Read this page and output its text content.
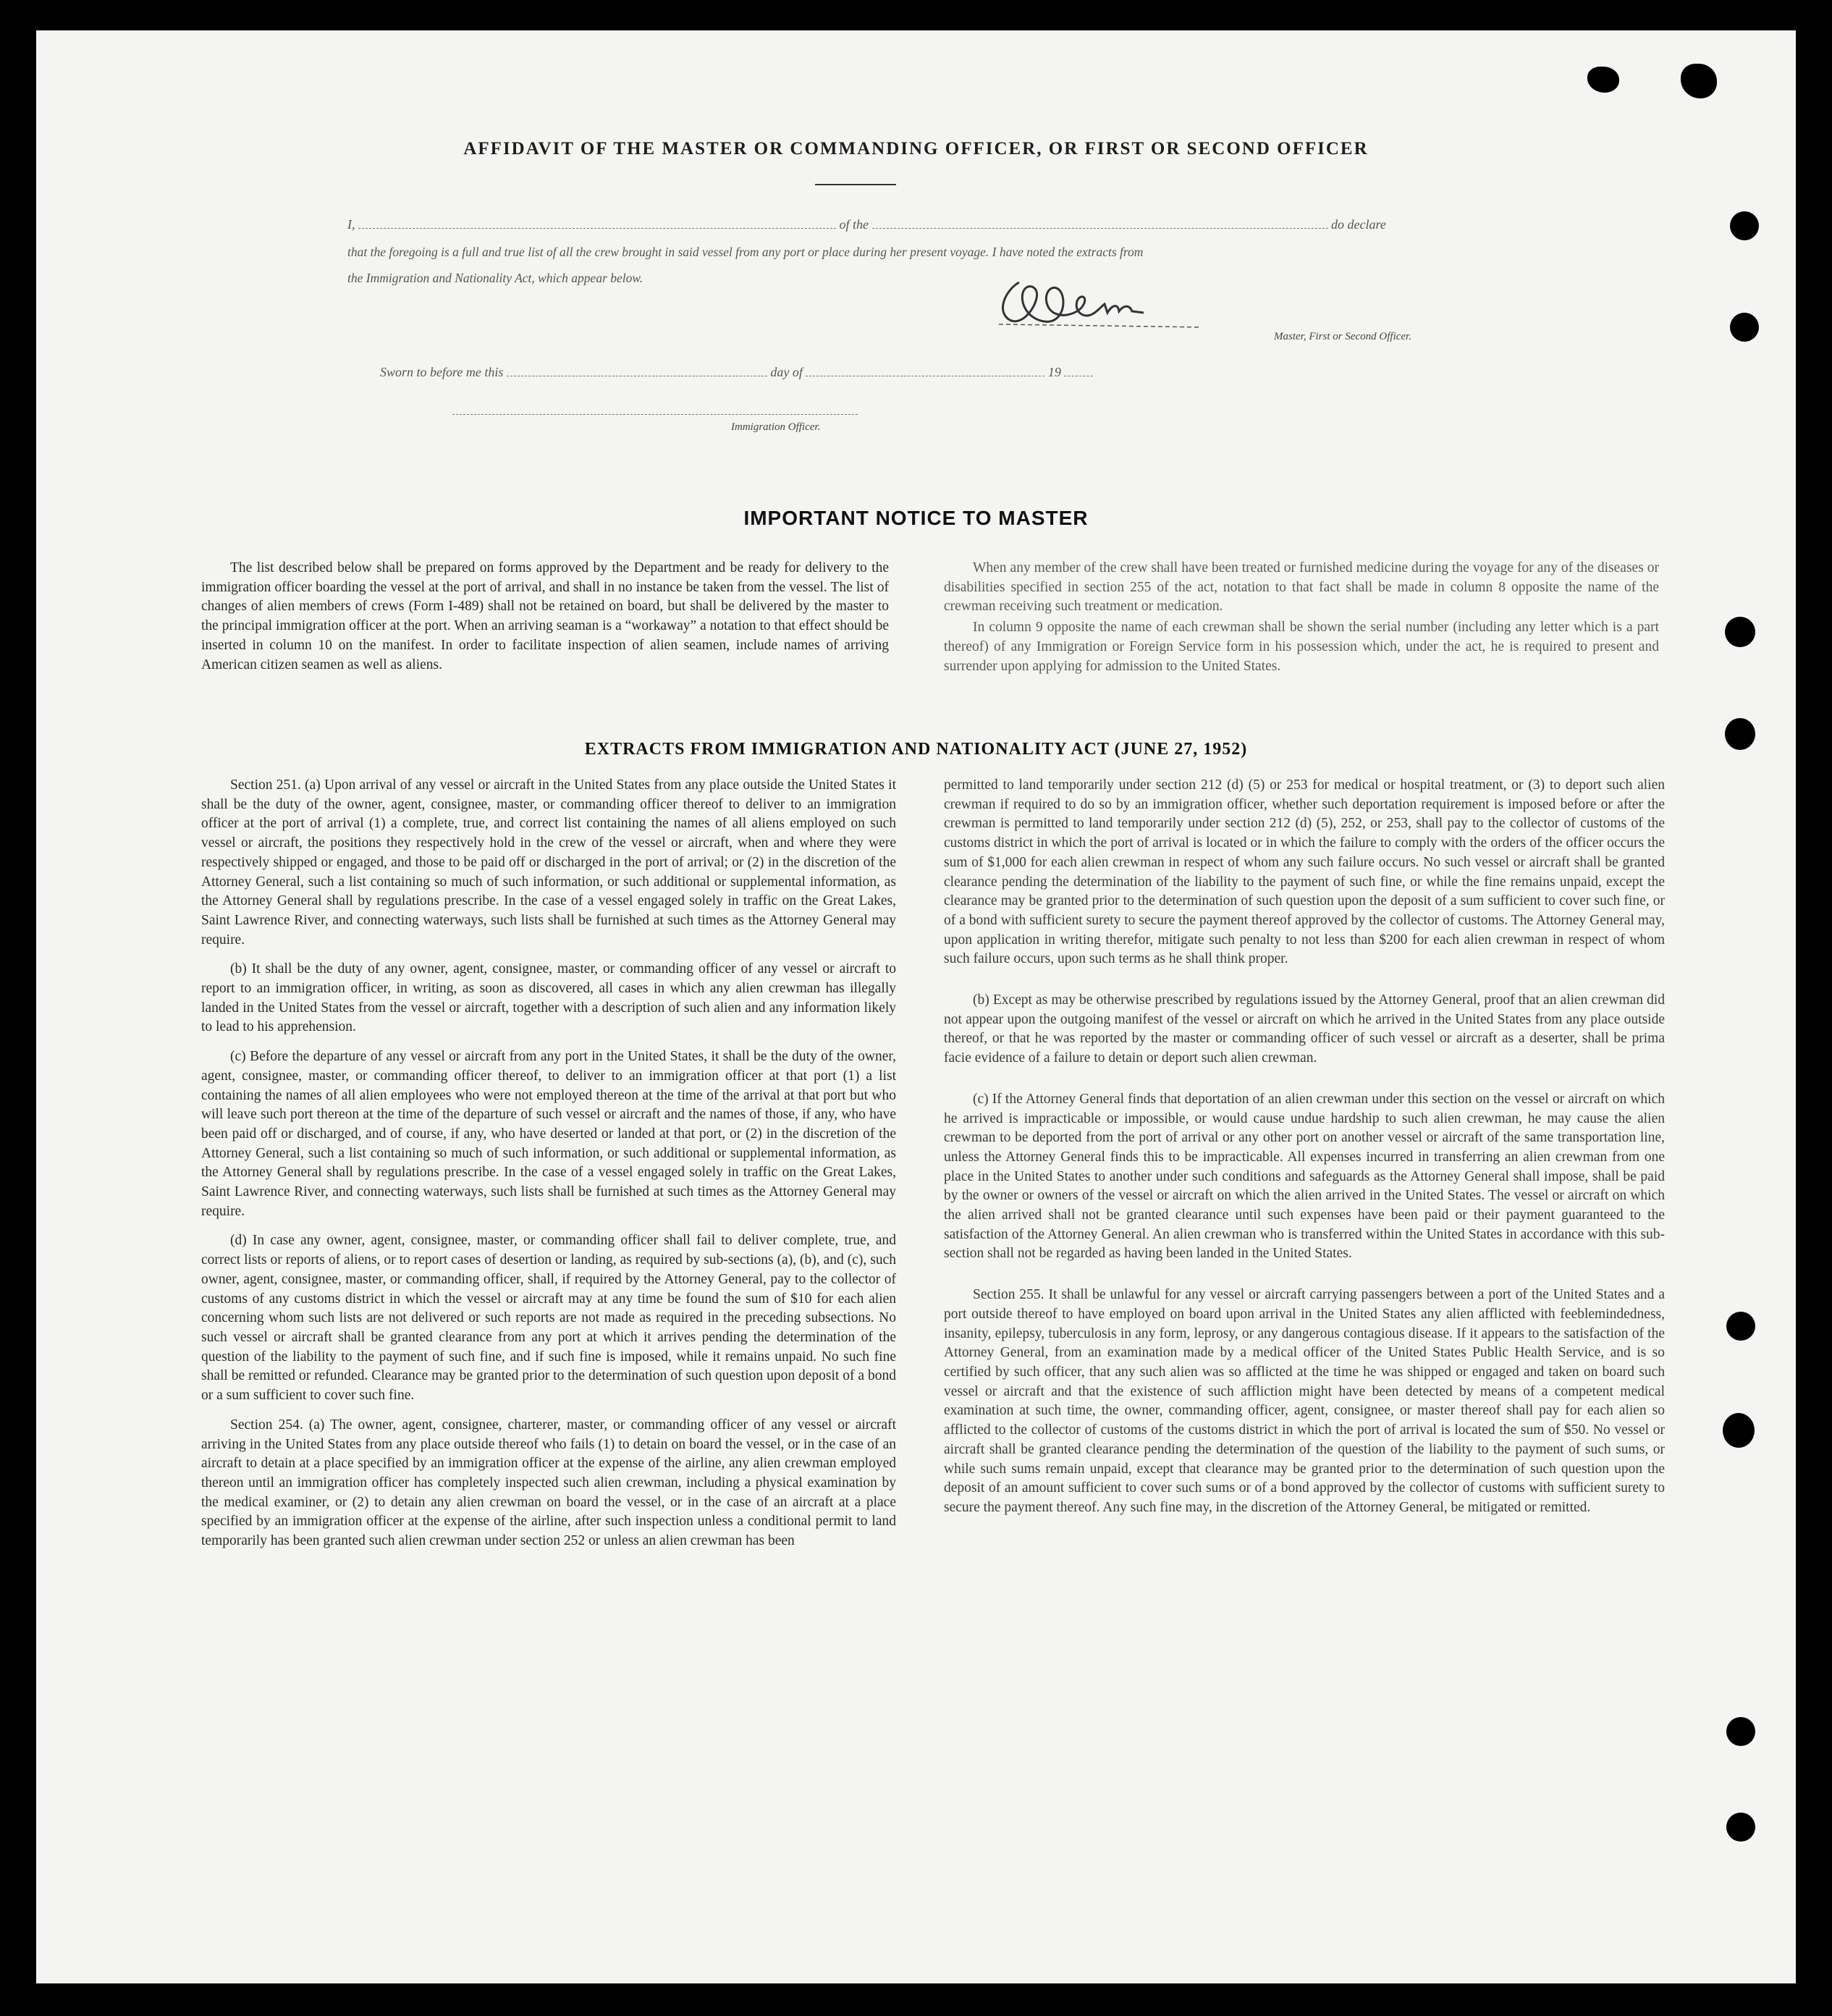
AFFIDAVIT OF THE MASTER OR COMMANDING OFFICER, OR FIRST OR SECOND OFFICER
I,	of the	do declare
that the foregoing is a full and true list of all the crew brought in said vessel from any port or place during her present voyage. I have noted the extracts from
the Immigration and Nationality Act, which appear below.
Master, First or Second Officer.
Sworn to before me this	day of	19
Immigration Officer.
IMPORTANT NOTICE TO MASTER

The list described below shall be prepared on forms approved by the Department and be ready for delivery to the immigration officer boarding the vessel at the port of arrival, and shall in no instance be taken from the vessel. The list of changes of alien members of crews (Form I-489) shall not be retained on board, but shall be delivered by the master to the principal immigration officer at the port. When an arriving seaman is a “workaway” a notation to that effect should be inserted in column 10 on the manifest. In order to facilitate inspection of alien seamen, include names of arriving American citizen seamen as well as aliens.

When any member of the crew shall have been treated or furnished medicine during the voyage for any of the diseases or disabilities specified in section 255 of the act, notation to that fact shall be made in column 8 opposite the name of the crewman receiving such treatment or medication.

In column 9 opposite the name of each crewman shall be shown the serial number (including any letter which is a part thereof) of any Immigration or Foreign Service form in his possession which, under the act, he is required to present and surrender upon applying for admission to the United States.

EXTRACTS FROM IMMIGRATION AND NATIONALITY ACT (JUNE 27, 1952)

Section 251. (a) Upon arrival of any vessel or aircraft in the United States from any place outside the United States it shall be the duty of the owner, agent, consignee, master, or commanding officer thereof to deliver to an immigration officer at the port of arrival (1) a complete, true, and correct list containing the names of all aliens employed on such vessel or aircraft, the positions they respectively hold in the crew of the vessel or aircraft, when and where they were respectively shipped or engaged, and those to be paid off or discharged in the port of arrival; or (2) in the discretion of the Attorney General, such a list containing so much of such information, or such additional or supplemental information, as the Attorney General shall by regulations prescribe. In the case of a vessel engaged solely in traffic on the Great Lakes, Saint Lawrence River, and connecting waterways, such lists shall be furnished at such times as the Attorney General may require.

(b) It shall be the duty of any owner, agent, consignee, master, or commanding officer of any vessel or aircraft to report to an immigration officer, in writing, as soon as discovered, all cases in which any alien crewman has illegally landed in the United States from the vessel or aircraft, together with a description of such alien and any information likely to lead to his apprehension.

(c) Before the departure of any vessel or aircraft from any port in the United States, it shall be the duty of the owner, agent, consignee, master, or commanding officer thereof, to deliver to an immigration officer at that port (1) a list containing the names of all alien employees who were not employed thereon at the time of the arrival at that port but who will leave such port thereon at the time of the departure of such vessel or aircraft and the names of those, if any, who have been paid off or discharged, and of course, if any, who have deserted or landed at that port, or (2) in the discretion of the Attorney General, such a list containing so much of such information, or such additional or supplemental information, as the Attorney General shall by regulations prescribe. In the case of a vessel engaged solely in traffic on the Great Lakes, Saint Lawrence River, and connecting waterways, such lists shall be furnished at such times as the Attorney General may require.

(d) In case any owner, agent, consignee, master, or commanding officer shall fail to deliver complete, true, and correct lists or reports of aliens, or to report cases of desertion or landing, as required by sub-sections (a), (b), and (c), such owner, agent, consignee, master, or commanding officer, shall, if required by the Attorney General, pay to the collector of customs of any customs district in which the vessel or aircraft may at any time be found the sum of $10 for each alien concerning whom such lists are not delivered or such reports are not made as required in the preceding subsections. No such vessel or aircraft shall be granted clearance from any port at which it arrives pending the determination of the question of the liability to the payment of such fine, and if such fine is imposed, while it remains unpaid. No such fine shall be remitted or refunded. Clearance may be granted prior to the determination of such question upon deposit of a bond or a sum sufficient to cover such fine.

Section 254. (a) The owner, agent, consignee, charterer, master, or commanding officer of any vessel or aircraft arriving in the United States from any place outside thereof who fails (1) to detain on board the vessel, or in the case of an aircraft to detain at a place specified by an immigration officer at the expense of the airline, any alien crewman employed thereon until an immigration officer has completely inspected such alien crewman, including a physical examination by the medical examiner, or (2) to detain any alien crewman on board the vessel, or in the case of an aircraft at a place specified by an immigration officer at the expense of the airline, after such inspection unless a conditional permit to land temporarily has been granted such alien crewman under section 252 or unless an alien crewman has been

permitted to land temporarily under section 212 (d) (5) or 253 for medical or hospital treatment, or (3) to deport such alien crewman if required to do so by an immigration officer, whether such deportation requirement is imposed before or after the crewman is permitted to land temporarily under section 212 (d) (5), 252, or 253, shall pay to the collector of customs of the customs district in which the port of arrival is located or in which the failure to comply with the orders of the officer occurs the sum of $1,000 for each alien crewman in respect of whom any such failure occurs. No such vessel or aircraft shall be granted clearance pending the determination of the liability to the payment of such fine, or while the fine remains unpaid, except the clearance may be granted prior to the determination of such question upon the deposit of a sum sufficient to cover such fine, or of a bond with sufficient surety to secure the payment thereof approved by the collector of customs. The Attorney General may, upon application in writing therefor, mitigate such penalty to not less than $200 for each alien crewman in respect of whom such failure occurs, upon such terms as he shall think proper.

(b) Except as may be otherwise prescribed by regulations issued by the Attorney General, proof that an alien crewman did not appear upon the outgoing manifest of the vessel or aircraft on which he arrived in the United States from any place outside thereof, or that he was reported by the master or commanding officer of such vessel or aircraft as a deserter, shall be prima facie evidence of a failure to detain or deport such alien crewman.

(c) If the Attorney General finds that deportation of an alien crewman under this section on the vessel or aircraft on which he arrived is impracticable or impossible, or would cause undue hardship to such alien crewman, he may cause the alien crewman to be deported from the port of arrival or any other port on another vessel or aircraft of the same transportation line, unless the Attorney General finds this to be impracticable. All expenses incurred in transferring an alien crewman from one place in the United States to another under such conditions and safeguards as the Attorney General shall impose, shall be paid by the owner or owners of the vessel or aircraft on which the alien arrived in the United States. The vessel or aircraft on which the alien arrived shall not be granted clearance until such expenses have been paid or their payment guaranteed to the satisfaction of the Attorney General. An alien crewman who is transferred within the United States in accordance with this sub-section shall not be regarded as having been landed in the United States.

Section 255. It shall be unlawful for any vessel or aircraft carrying passengers between a port of the United States and a port outside thereof to have employed on board upon arrival in the United States any alien afflicted with feeblemindedness, insanity, epilepsy, tuberculosis in any form, leprosy, or any dangerous contagious disease. If it appears to the satisfaction of the Attorney General, from an examination made by a medical officer of the United States Public Health Service, and is so certified by such officer, that any such alien was so afflicted at the time he was shipped or engaged and taken on board such vessel or aircraft and that the existence of such affliction might have been detected by means of a competent medical examination at such time, the owner, commanding officer, agent, consignee, or master thereof shall pay for each alien so afflicted to the collector of customs of the customs district in which the port of arrival is located the sum of $50. No vessel or aircraft shall be granted clearance pending the determination of the question of the liability to the payment of such sums, or while such sums remain unpaid, except that clearance may be granted prior to the determination of such question upon the deposit of an amount sufficient to cover such sums or of a bond approved by the collector of customs with sufficient surety to secure the payment thereof. Any such fine may, in the discretion of the Attorney General, be mitigated or remitted.
